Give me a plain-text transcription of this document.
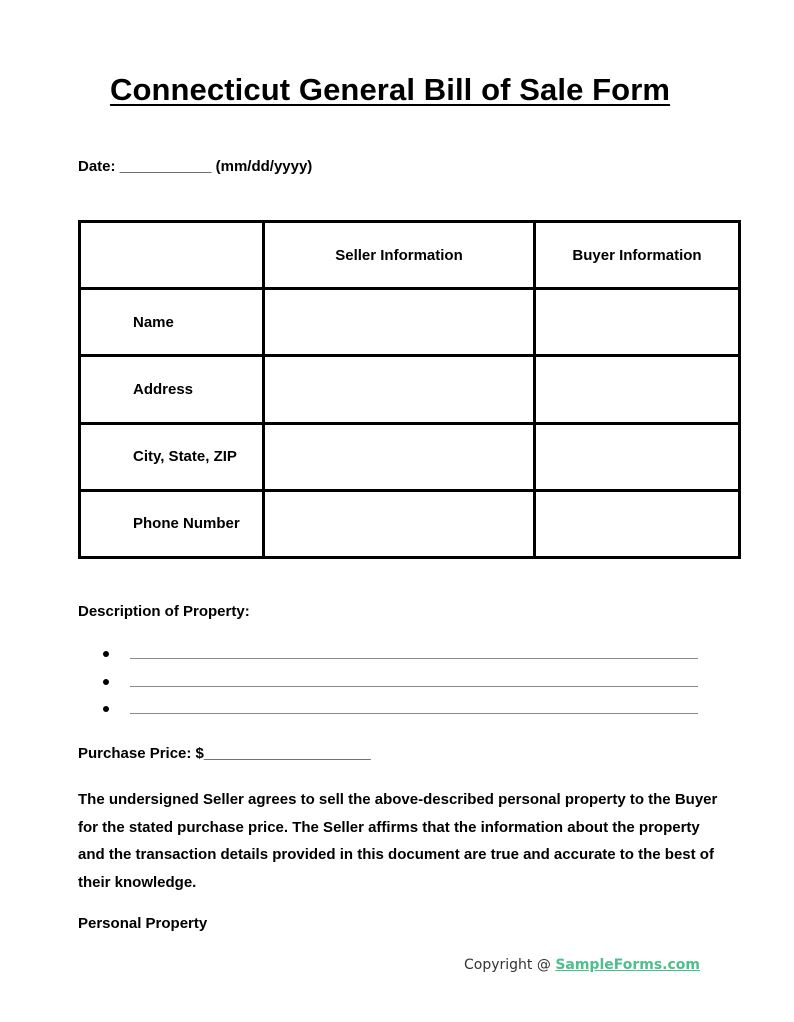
Connecticut General Bill of Sale Form
Date: ___________ (mm/dd/yyyy)
	Seller Information	Buyer Information
Name		
Address		
City, State, ZIP		
Phone Number		
Description of Property:
Purchase Price: $____________________
The undersigned Seller agrees to sell the above-described personal property to the Buyer for the stated purchase price. The Seller affirms that the information about the property and the transaction details provided in this document are true and accurate to the best of their knowledge.
Personal Property
Copyright @ SampleForms.com
